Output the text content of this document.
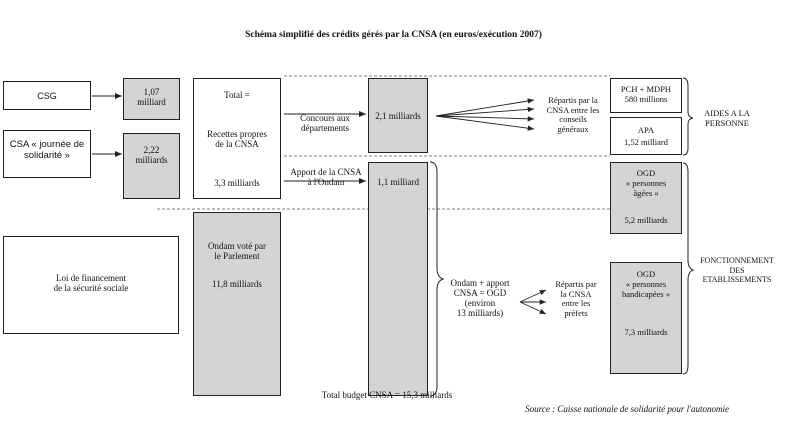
Schéma simplifié des crédits gérés par la CNSA (en euros/exécution 2007)
CSG
CSA « journée de
solidarité »
1,07
milliard
2,22
milliards
Loi de financement
de la sécurité sociale
Total =
Recettes propres
de la CNSA
3,3 milliards
Ondam voté par
le Parlement
11,8 milliards
Concours aux
départements
Apport de la CNSA
à l'Ondam
2,1 milliards
1,1 milliard
Ondam + apport
CNSA = OGD
(environ
13 milliards)
Total budget CNSA = 15,3 milliards
Répartis par la
CNSA entre les
conseils
généraux
Répartis par
la CNSA
entre les
préfets
PCH + MDPH
580 millions
APA
1,52 milliard
OGD
« personnes
âgées »
5,2 milliards
OGD
« personnes
handicapées »
7,3 milliards
AIDES A LA
PERSONNE
FONCTIONNEMENT
DES
ETABLISSEMENTS
Source : Caisse nationale de solidarité pour l'autonomie
